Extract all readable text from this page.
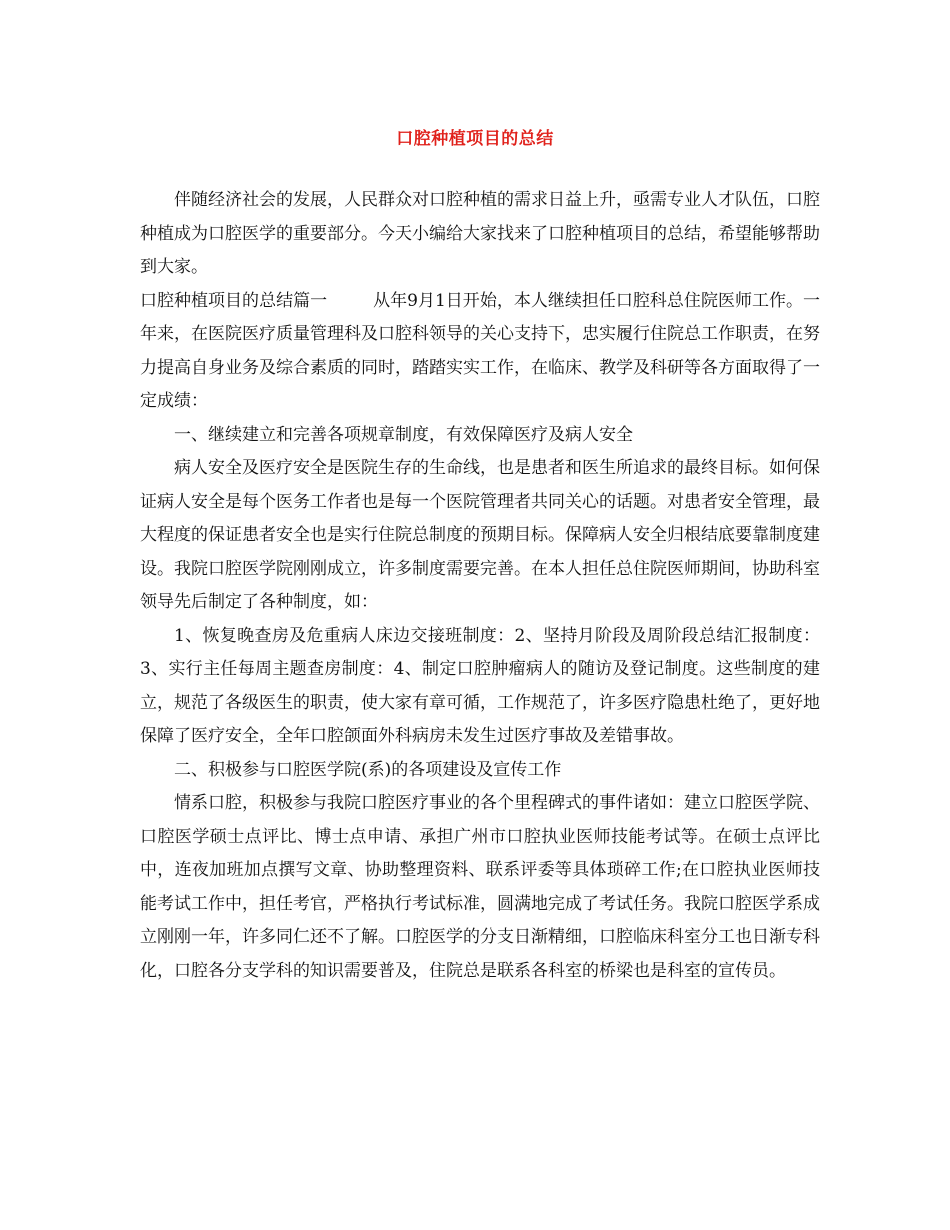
口腔种植项目的总结

伴随经济社会的发展，人民群众对口腔种植的需求日益上升，亟需专业人才队伍，口腔种植成为口腔医学的重要部分。今天小编给大家找来了口腔种植项目的总结，希望能够帮助到大家。

口腔种植项目的总结篇一	从年9月1日开始，本人继续担任口腔科总住院医师工作。一年来，在医院医疗质量管理科及口腔科领导的关心支持下，忠实履行住院总工作职责，在努力提高自身业务及综合素质的同时，踏踏实实工作，在临床、教学及科研等各方面取得了一定成绩：

一、继续建立和完善各项规章制度，有效保障医疗及病人安全

病人安全及医疗安全是医院生存的生命线，也是患者和医生所追求的最终目标。如何保证病人安全是每个医务工作者也是每一个医院管理者共同关心的话题。对患者安全管理，最大程度的保证患者安全也是实行住院总制度的预期目标。保障病人安全归根结底要靠制度建设。我院口腔医学院刚刚成立，许多制度需要完善。在本人担任总住院医师期间，协助科室领导先后制定了各种制度，如：

1、恢复晚查房及危重病人床边交接班制度：2、坚持月阶段及周阶段总结汇报制度：3、实行主任每周主题查房制度：4、制定口腔肿瘤病人的随访及登记制度。这些制度的建立，规范了各级医生的职责，使大家有章可循，工作规范了，许多医疗隐患杜绝了，更好地保障了医疗安全，全年口腔颌面外科病房未发生过医疗事故及差错事故。

二、积极参与口腔医学院(系)的各项建设及宣传工作

情系口腔，积极参与我院口腔医疗事业的各个里程碑式的事件诸如：建立口腔医学院、口腔医学硕士点评比、博士点申请、承担广州市口腔执业医师技能考试等。在硕士点评比中，连夜加班加点撰写文章、协助整理资料、联系评委等具体琐碎工作;在口腔执业医师技能考试工作中，担任考官，严格执行考试标准，圆满地完成了考试任务。我院口腔医学系成立刚刚一年，许多同仁还不了解。口腔医学的分支日渐精细，口腔临床科室分工也日渐专科化，口腔各分支学科的知识需要普及，住院总是联系各科室的桥梁也是科室的宣传员。
